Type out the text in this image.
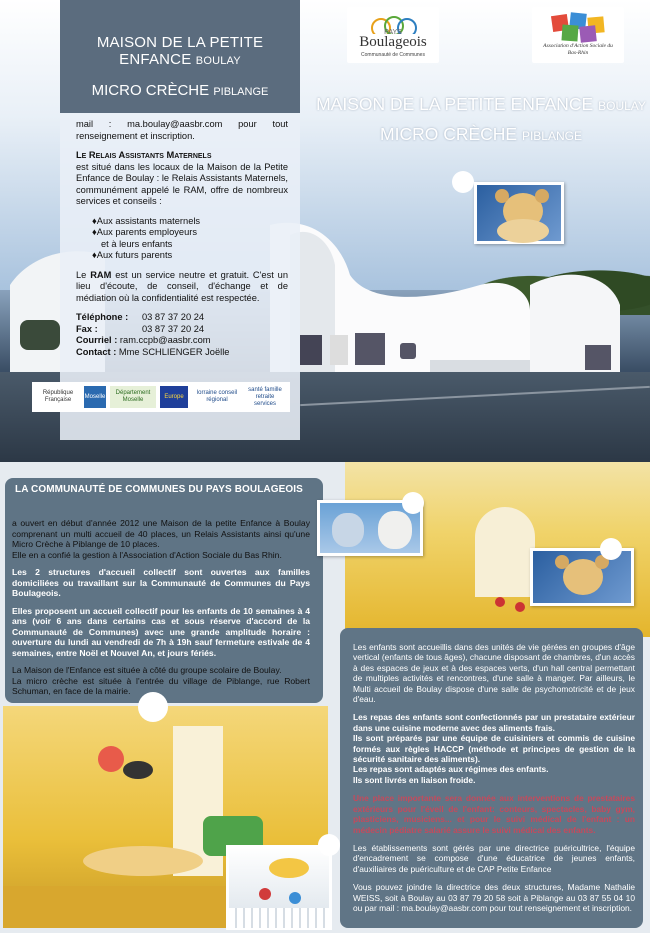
PAYS
Boulageois
Communauté de Communes
Association d'Action Sociale du Bas-Rhin
MAISON DE LA PETITE ENFANCE BOULAY
MICRO CRÈCHE PIBLANGE
MAISON DE LA PETITE
ENFANCE BOULAY
MICRO CRÈCHE PIBLANGE

mail : ma.boulay@aasbr.com pour tout renseignement et inscription.

Le Relais Assistants Maternels

est situé dans les locaux de la Maison de la Petite Enfance de Boulay : le Relais Assistants Maternels, communément appelé le RAM, offre de nombreux services et conseils :

♦Aux assistants maternels
♦Aux parents employeurs
et à leurs enfants
♦Aux futurs parents

Le RAM est un service neutre et gratuit. C'est un lieu d'écoute, de conseil, d'échange et de médiation où la confidentialité est respectée.

Téléphone : 03 87 37 20 24
Fax :	03 87 37 20 24
Courriel : ram.ccpb@aasbr.com
Contact : Mme SCHLIENGER Joëlle
République Française
Moselle
Département Moselle
Europe
lorraine conseil régional
santé famille retraite services
LA COMMUNAUTÉ DE COMMUNES DU PAYS BOULAGEOIS

a ouvert en début d'année 2012 une Maison de la petite Enfance à Boulay comprenant un multi accueil de 40 places, un Relais Assistants ainsi qu'une Micro Crèche à Piblange de 10 places.

Elle en a confié la gestion à l'Association d'Action Sociale du Bas Rhin.

Les 2 structures d'accueil collectif sont ouvertes aux familles domiciliées ou travaillant sur la Communauté de Communes du Pays Boulageois.

Elles proposent un accueil collectif pour les enfants de 10 semaines à 4 ans (voir 6 ans dans certains cas et sous réserve d'accord de la Communauté de Communes) avec une grande amplitude horaire : ouverture du lundi au vendredi de 7h à 19h sauf fermeture estivale de 4 semaines, entre Noël et Nouvel An, et jours fériés.

La Maison de l'Enfance est située à côté du groupe scolaire de Boulay.

La micro crèche est située à l'entrée du village de Piblange, rue Robert Schuman, en face de la mairie.

Les enfants sont accueillis dans des unités de vie gérées en groupes d'âge vertical (enfants de tous âges), chacune disposant de chambres, d'un accès à des espaces de jeux et à des espaces verts, d'un hall central permettant de multiples activités et rencontres, d'une salle à manger. Par ailleurs, le Multi accueil de Boulay dispose d'une salle de psychomotricité et de jeux d'eau.

Les repas des enfants sont confectionnés par un prestataire extérieur dans une cuisine moderne avec des aliments frais.

Ils sont préparés par une équipe de cuisiniers et commis de cuisine formés aux règles HACCP (méthode et principes de gestion de la sécurité sanitaire des aliments).

Les repas sont adaptés aux régimes des enfants.

Ils sont livrés en liaison froide.

Une place importante sera donnée aux interventions de prestataires extérieurs pour l'éveil de l'enfant: conteurs, spectacles, baby gym, plasticiens, musiciens... et pour le suivi médical de l'enfant : un médecin pédiatre salarié assure le suivi médical des enfants.

Les établissements sont gérés par une directrice puéricultrice, l'équipe d'encadrement se compose d'une éducatrice de jeunes enfants, d'auxiliaires de puériculture et de CAP Petite Enfance

Vous pouvez joindre la directrice des deux structures, Madame Nathalie WEISS, soit à Boulay au 03 87 79 20 58 soit à Piblange au 03 87 55 04 10 ou par mail : ma.boulay@aasbr.com pour tout renseignement et inscription.
